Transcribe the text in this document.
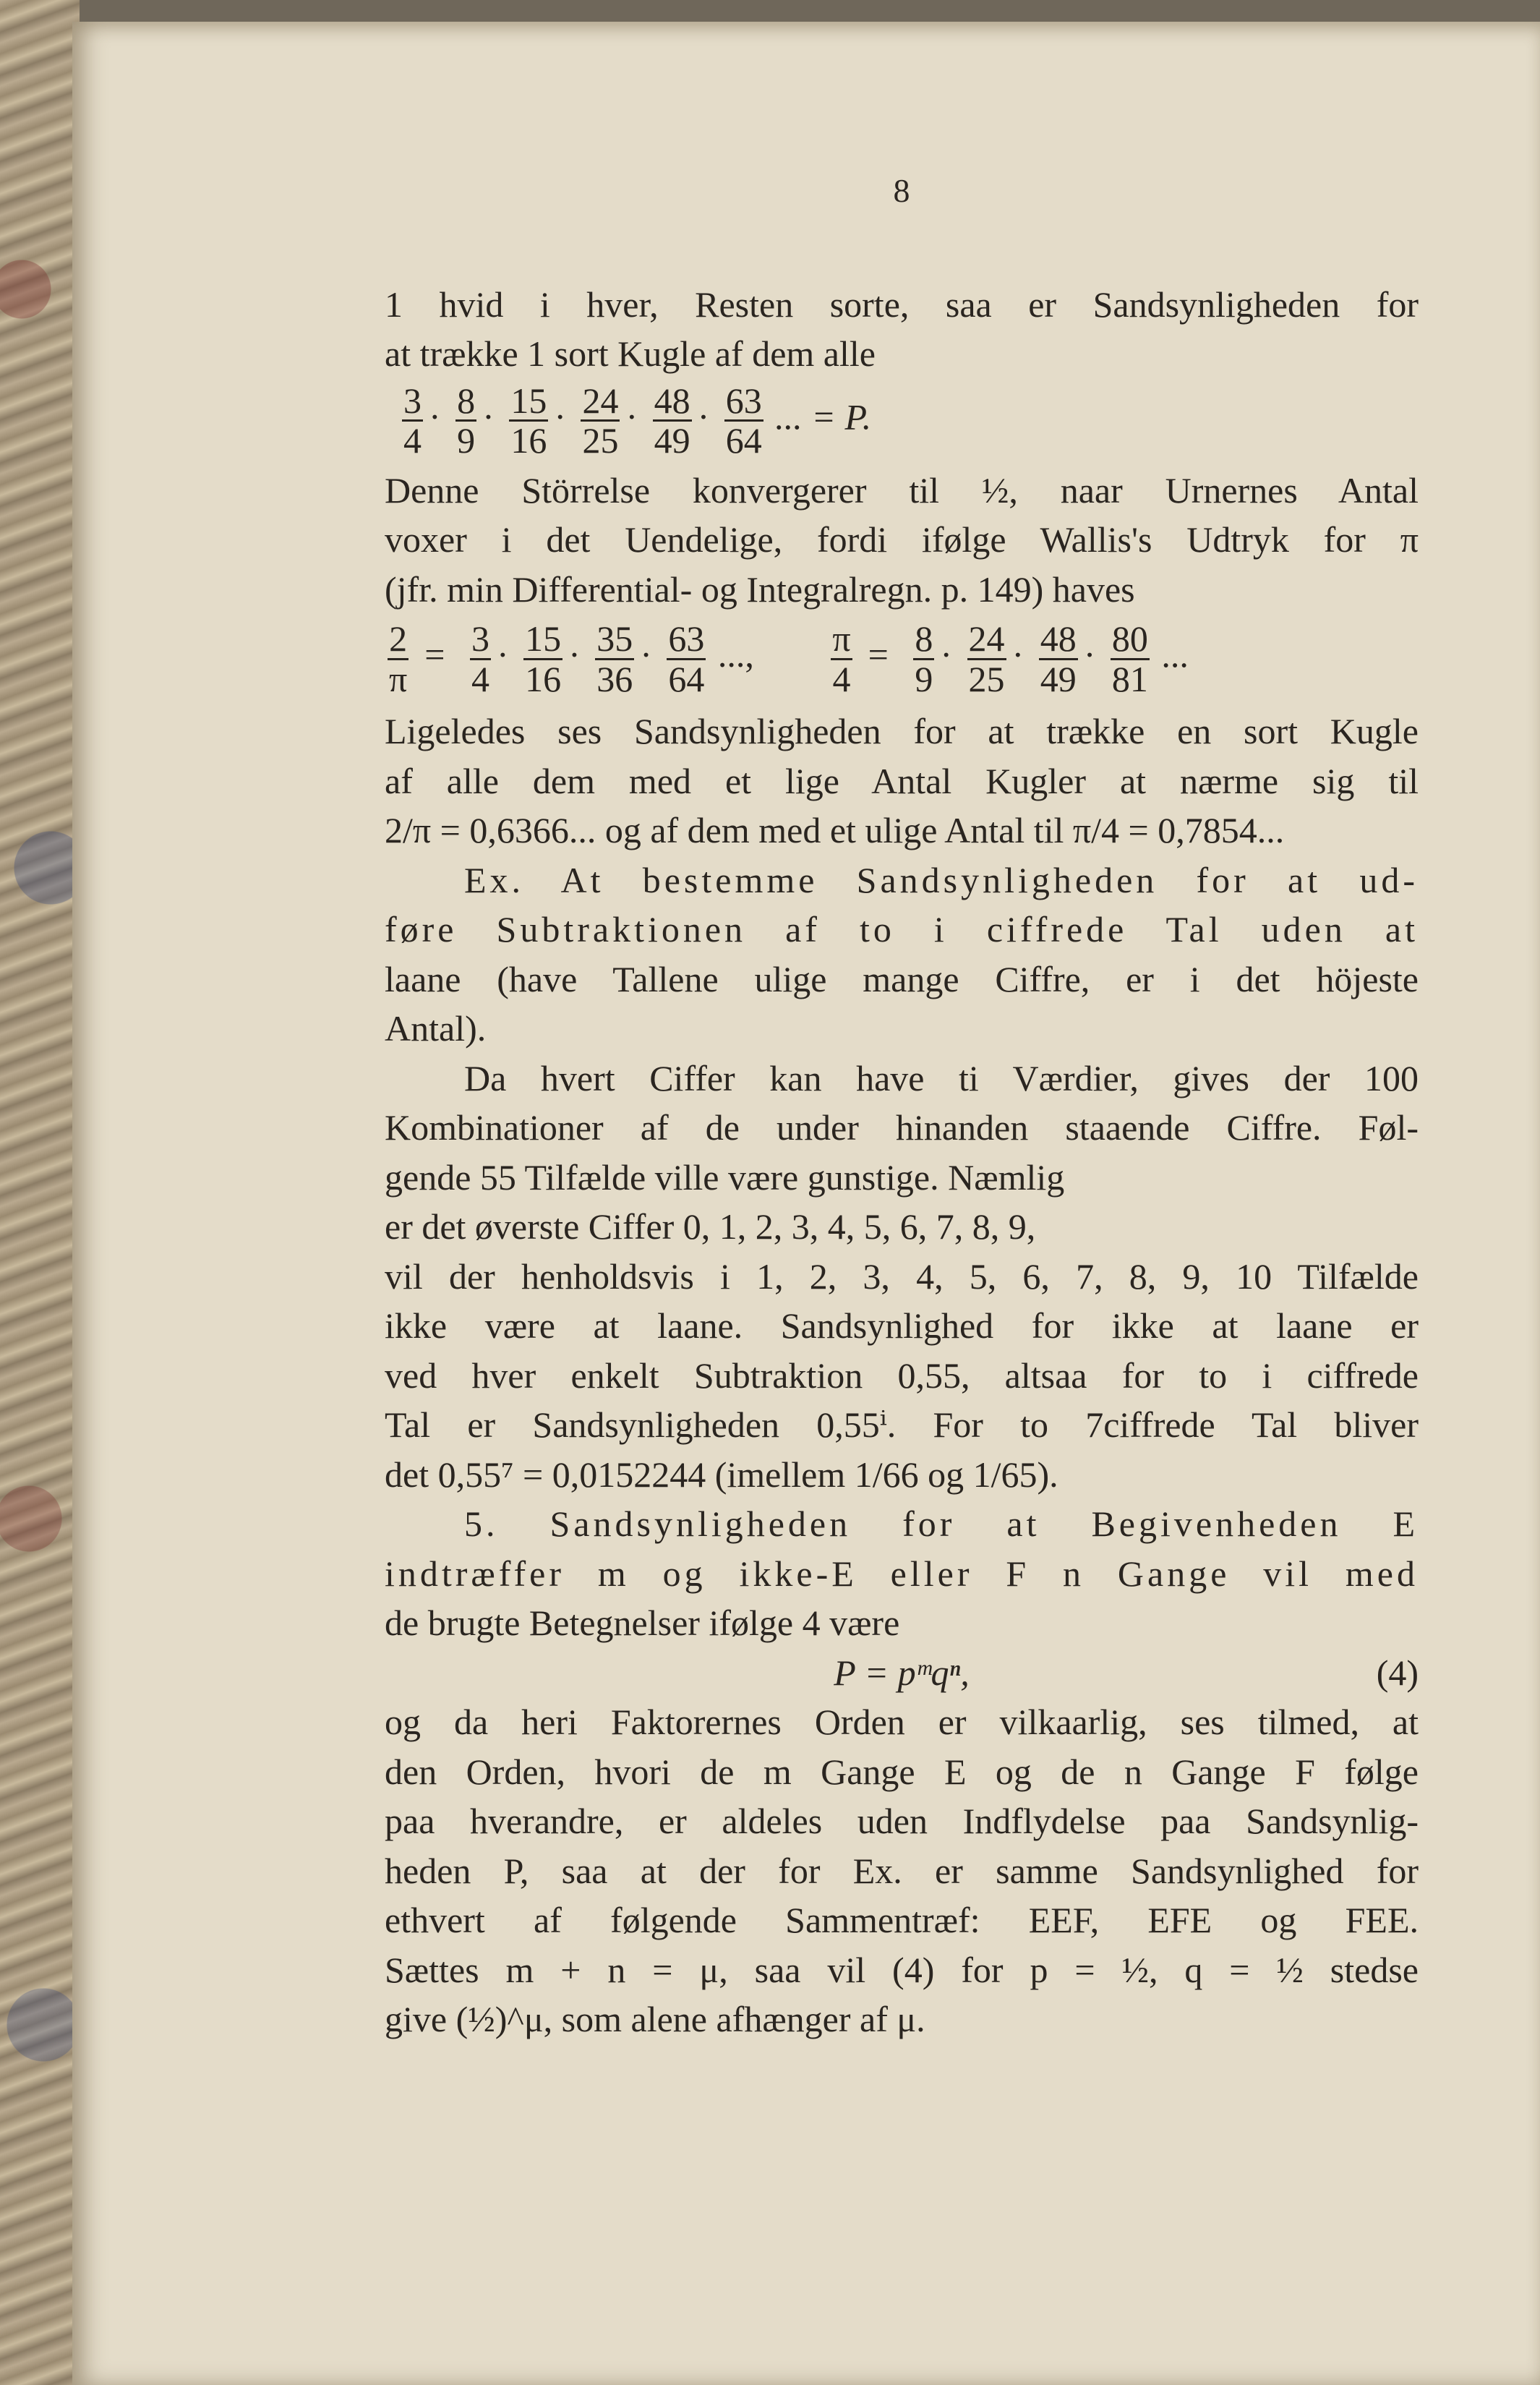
8
1 hvid i hver, Resten sorte, saa er Sandsynligheden for
at trække 1 sort Kugle af dem alle
$\frac{3}{4} \cdot \frac{8}{9} \cdot \frac{15}{16} \cdot \frac{24}{25} \cdot \frac{48}{49} \cdot \frac{63}{64}$ ... = P.
Denne Störrelse konvergerer til ½, naar Urnernes Antal
voxer i det Uendelige, fordi ifølge Wallis's Udtryk for π
(jfr. min Differential- og Integralregn. p. 149) haves
$\frac{2}{\pi} = \frac{3}{4} \cdot \frac{15}{16} \cdot \frac{35}{36} \cdot \frac{63}{64}$ ..., $\frac{\pi}{4} = \frac{8}{9} \cdot \frac{24}{25} \cdot \frac{48}{49} \cdot \frac{80}{81}$ ...
Ligeledes ses Sandsynligheden for at trække en sort Kugle
af alle dem med et lige Antal Kugler at nærme sig til
2/π = 0,6366... og af dem med et ulige Antal til π/4 = 0,7854...
Ex. At bestemme Sandsynligheden for at ud-
føre Subtraktionen af to i ciffrede Tal uden at
laane (have Tallene ulige mange Ciffre, er i det höjeste
Antal).
Da hvert Ciffer kan have ti Værdier, gives der 100
Kombinationer af de under hinanden staaende Ciffre. Føl-
gende 55 Tilfælde ville være gunstige. Næmlig
er det øverste Ciffer 0, 1, 2, 3, 4, 5, 6, 7, 8, 9,
vil der henholdsvis i 1, 2, 3, 4, 5, 6, 7, 8, 9, 10 Tilfælde
ikke være at laane. Sandsynlighed for ikke at laane er
ved hver enkelt Subtraktion 0,55, altsaa for to i ciffrede
Tal er Sandsynligheden 0,55ⁱ. For to 7ciffrede Tal bliver
det 0,55⁷ = 0,0152244 (imellem 1/66 og 1/65).
5. Sandsynligheden for at Begivenheden E
indtræffer m og ikke-E eller F n Gange vil med
de brugte Betegnelser ifølge 4 være
P = pᵐqⁿ,	(4)
og da heri Faktorernes Orden er vilkaarlig, ses tilmed, at
den Orden, hvori de m Gange E og de n Gange F følge
paa hverandre, er aldeles uden Indflydelse paa Sandsynlig-
heden P, saa at der for Ex. er samme Sandsynlighed for
ethvert af følgende Sammentræf: EEF, EFE og FEE.
Sættes m + n = μ, saa vil (4) for p = ½, q = ½ stedse
give (½)^μ, som alene afhænger af μ.
